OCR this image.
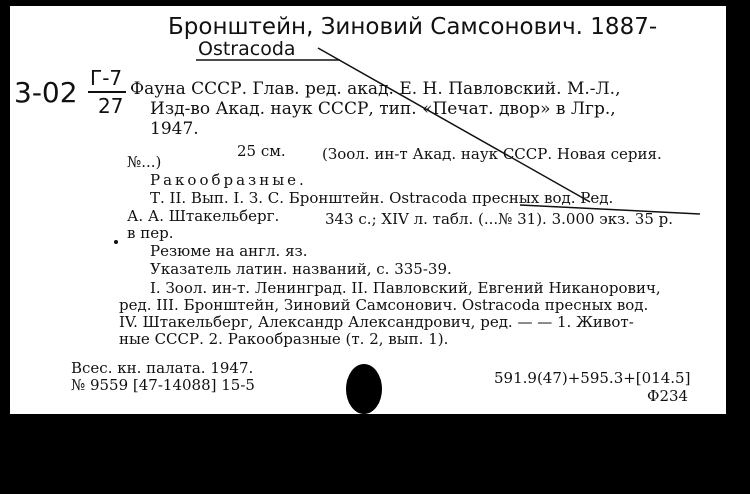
Бронштейн, Зиновий Самсонович. 1887-
Ostracoda
3-02 Г-7
27
Фауна СССР. Глав. ред. акад. Е. Н. Павловский. М.-Л.,
Изд-во Акад. наук СССР, тип. «Печат. двор» в Лгр.,
1947.
25 см. (Зоол. ин-т Акад. наук СССР. Новая серия.
№...)
Ракообразные.
Т. II. Вып. I. З. С. Бронштейн. Ostracoda пресных вод. Ред.
А. А. Штакельберг.	343 с.; XIV л. табл. (...№ 31). 3.000 экз. 35 р.
в пер.
Резюме на англ. яз.
Указатель латин. названий, с. 335-39.
I. Зоол. ин-т. Ленинград. II. Павловский, Евгений Никанорович,
ред. III. Бронштейн, Зиновий Самсонович. Ostracoda пресных вод.
IV. Штакельберг, Александр Александрович, ред. — — 1. Живот-
ные СССР. 2. Ракообразные (т. 2, вып. 1).
Всес. кн. палата. 1947.
№ 9559 [47-14088] 15-5	591.9(47)+595.3+[014.5]
Ф234
